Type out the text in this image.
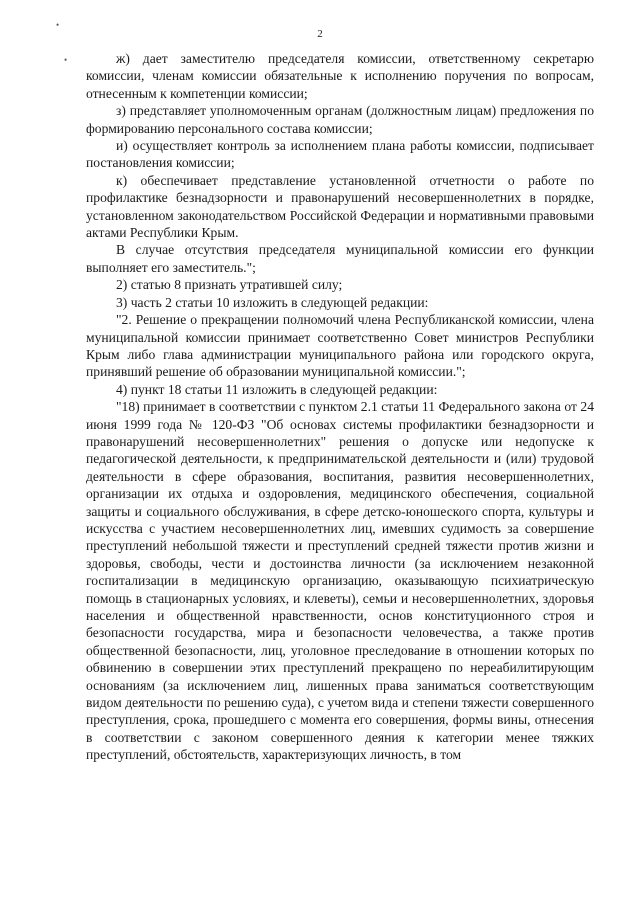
•
•
2

ж) дает заместителю председателя комиссии, ответственному секретарю комиссии, членам комиссии обязательные к исполнению поручения по вопросам, отнесенным к компетенции комиссии;

з) представляет уполномоченным органам (должностным лицам) предложения по формированию персонального состава комиссии;

и) осуществляет контроль за исполнением плана работы комиссии, подписывает постановления комиссии;

к) обеспечивает представление установленной отчетности о работе по профилактике безнадзорности и правонарушений несовершеннолетних в порядке, установленном законодательством Российской Федерации и нормативными правовыми актами Республики Крым.

В случае отсутствия председателя муниципальной комиссии его функции выполняет его заместитель.";

2) статью 8 признать утратившей силу;

3) часть 2 статьи 10 изложить в следующей редакции:

"2. Решение о прекращении полномочий члена Республиканской комиссии, члена муниципальной комиссии принимает соответственно Совет министров Республики Крым либо глава администрации муниципального района или городского округа, принявший решение об образовании муниципальной комиссии.";

4) пункт 18 статьи 11 изложить в следующей редакции:

"18) принимает в соответствии с пунктом 2.1 статьи 11 Федерального закона от 24 июня 1999 года № 120-ФЗ "Об основах системы профилактики безнадзорности и правонарушений несовершеннолетних" решения о допуске или недопуске к педагогической деятельности, к предпринимательской деятельности и (или) трудовой деятельности в сфере образования, воспитания, развития несовершеннолетних, организации их отдыха и оздоровления, медицинского обеспечения, социальной защиты и социального обслуживания, в сфере детско-юношеского спорта, культуры и искусства с участием несовершеннолетних лиц, имевших судимость за совершение преступлений небольшой тяжести и преступлений средней тяжести против жизни и здоровья, свободы, чести и достоинства личности (за исключением незаконной госпитализации в медицинскую организацию, оказывающую психиатрическую помощь в стационарных условиях, и клеветы), семьи и несовершеннолетних, здоровья населения и общественной нравственности, основ конституционного строя и безопасности государства, мира и безопасности человечества, а также против общественной безопасности, лиц, уголовное преследование в отношении которых по обвинению в совершении этих преступлений прекращено по нереабилитирующим основаниям (за исключением лиц, лишенных права заниматься соответствующим видом деятельности по решению суда), с учетом вида и степени тяжести совершенного преступления, срока, прошедшего с момента его совершения, формы вины, отнесения в соответствии с законом совершенного деяния к категории менее тяжких преступлений, обстоятельств, характеризующих личность, в том
